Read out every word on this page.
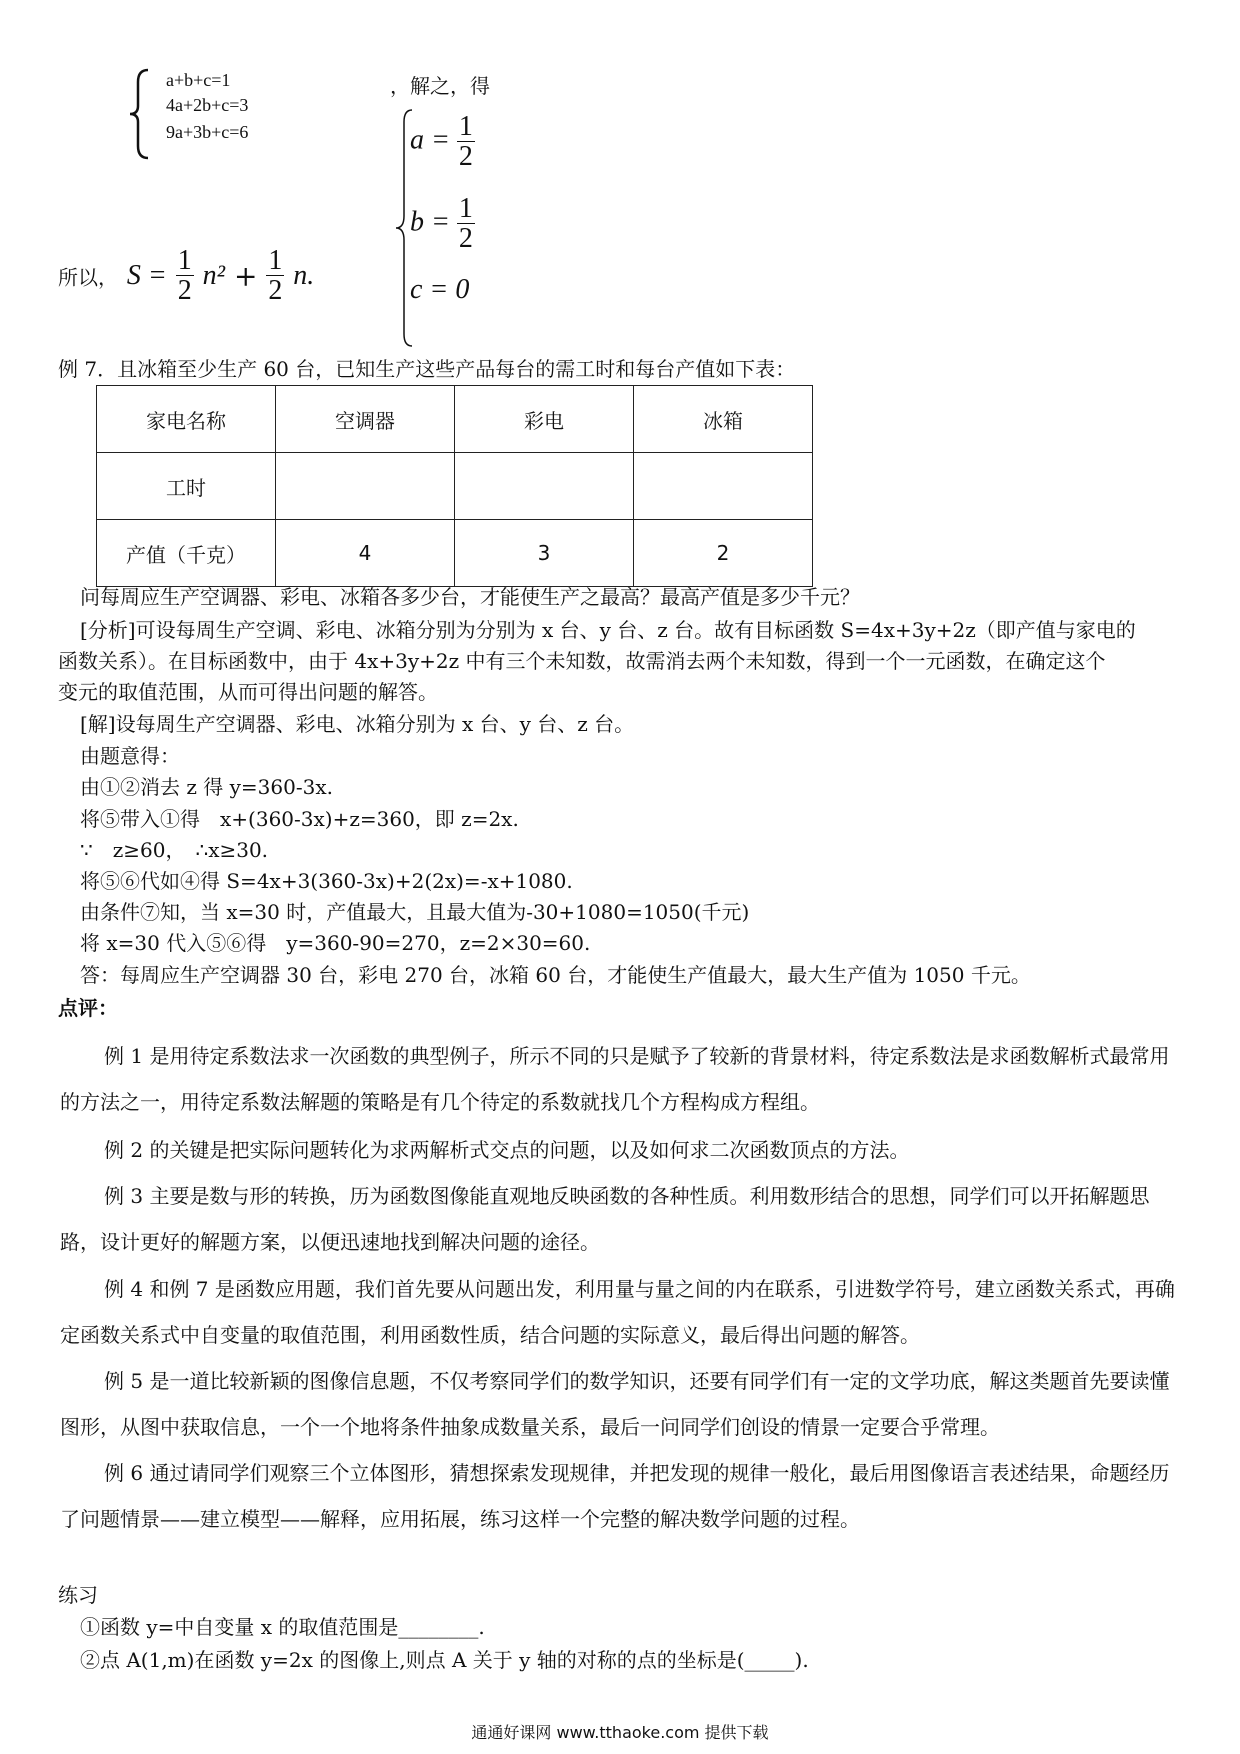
a+b+c=1
4a+2b+c=3
9a+3b+c=6
，解之，得
$a = \frac{1}{2}$
$b = \frac{1}{2}$
c = 0
所以， $S = \frac{1}{2} n^2 + \frac{1}{2} n$.
例 7．且冰箱至少生产 60 台，已知生产这些产品每台的需工时和每台产值如下表：
家电名称	空调器	彩电	冰箱
工时			
产值（千克）	4	3	2
问每周应生产空调器、彩电、冰箱各多少台，才能使生产之最高？最高产值是多少千元？
[分析]可设每周生产空调、彩电、冰箱分别为分别为 x 台、y 台、z 台。故有目标函数 S=4x+3y+2z（即产值与家电的
函数关系）。在目标函数中，由于 4x+3y+2z 中有三个未知数，故需消去两个未知数，得到一个一元函数，在确定这个
变元的取值范围，从而可得出问题的解答。
[解]设每周生产空调器、彩电、冰箱分别为 x 台、y 台、z 台。
由题意得：
由①②消去 z 得 y=360-3x.
将⑤带入①得　x+(360-3x)+z=360，即 z=2x.
∵　z≥60，　∴x≥30.
将⑤⑥代如④得 S=4x+3(360-3x)+2(2x)=-x+1080.
由条件⑦知，当 x=30 时，产值最大，且最大值为-30+1080=1050(千元)
将 x=30 代入⑤⑥得　y=360-90=270，z=2×30=60.
答：每周应生产空调器 30 台，彩电 270 台，冰箱 60 台，才能使生产值最大，最大生产值为 1050 千元。
点评：
例 1 是用待定系数法求一次函数的典型例子，所示不同的只是赋予了较新的背景材料，待定系数法是求函数解析式最常用的方法之一，用待定系数法解题的策略是有几个待定的系数就找几个方程构成方程组。
例 2 的关键是把实际问题转化为求两解析式交点的问题，以及如何求二次函数顶点的方法。
例 3 主要是数与形的转换，历为函数图像能直观地反映函数的各种性质。利用数形结合的思想，同学们可以开拓解题思路，设计更好的解题方案，以便迅速地找到解决问题的途径。
例 4 和例 7 是函数应用题，我们首先要从问题出发，利用量与量之间的内在联系，引进数学符号，建立函数关系式，再确定函数关系式中自变量的取值范围，利用函数性质，结合问题的实际意义，最后得出问题的解答。
例 5 是一道比较新颖的图像信息题，不仅考察同学们的数学知识，还要有同学们有一定的文学功底，解这类题首先要读懂图形，从图中获取信息，一个一个地将条件抽象成数量关系，最后一问同学们创设的情景一定要合乎常理。
例 6 通过请同学们观察三个立体图形，猜想探索发现规律，并把发现的规律一般化，最后用图像语言表述结果，命题经历了问题情景——建立模型——解释，应用拓展，练习这样一个完整的解决数学问题的过程。
练习
①函数 y=中自变量 x 的取值范围是________.
②点 A(1,m)在函数 y=2x 的图像上,则点 A 关于 y 轴的对称的点的坐标是(_____).
通通好课网 www.tthaoke.com 提供下载
